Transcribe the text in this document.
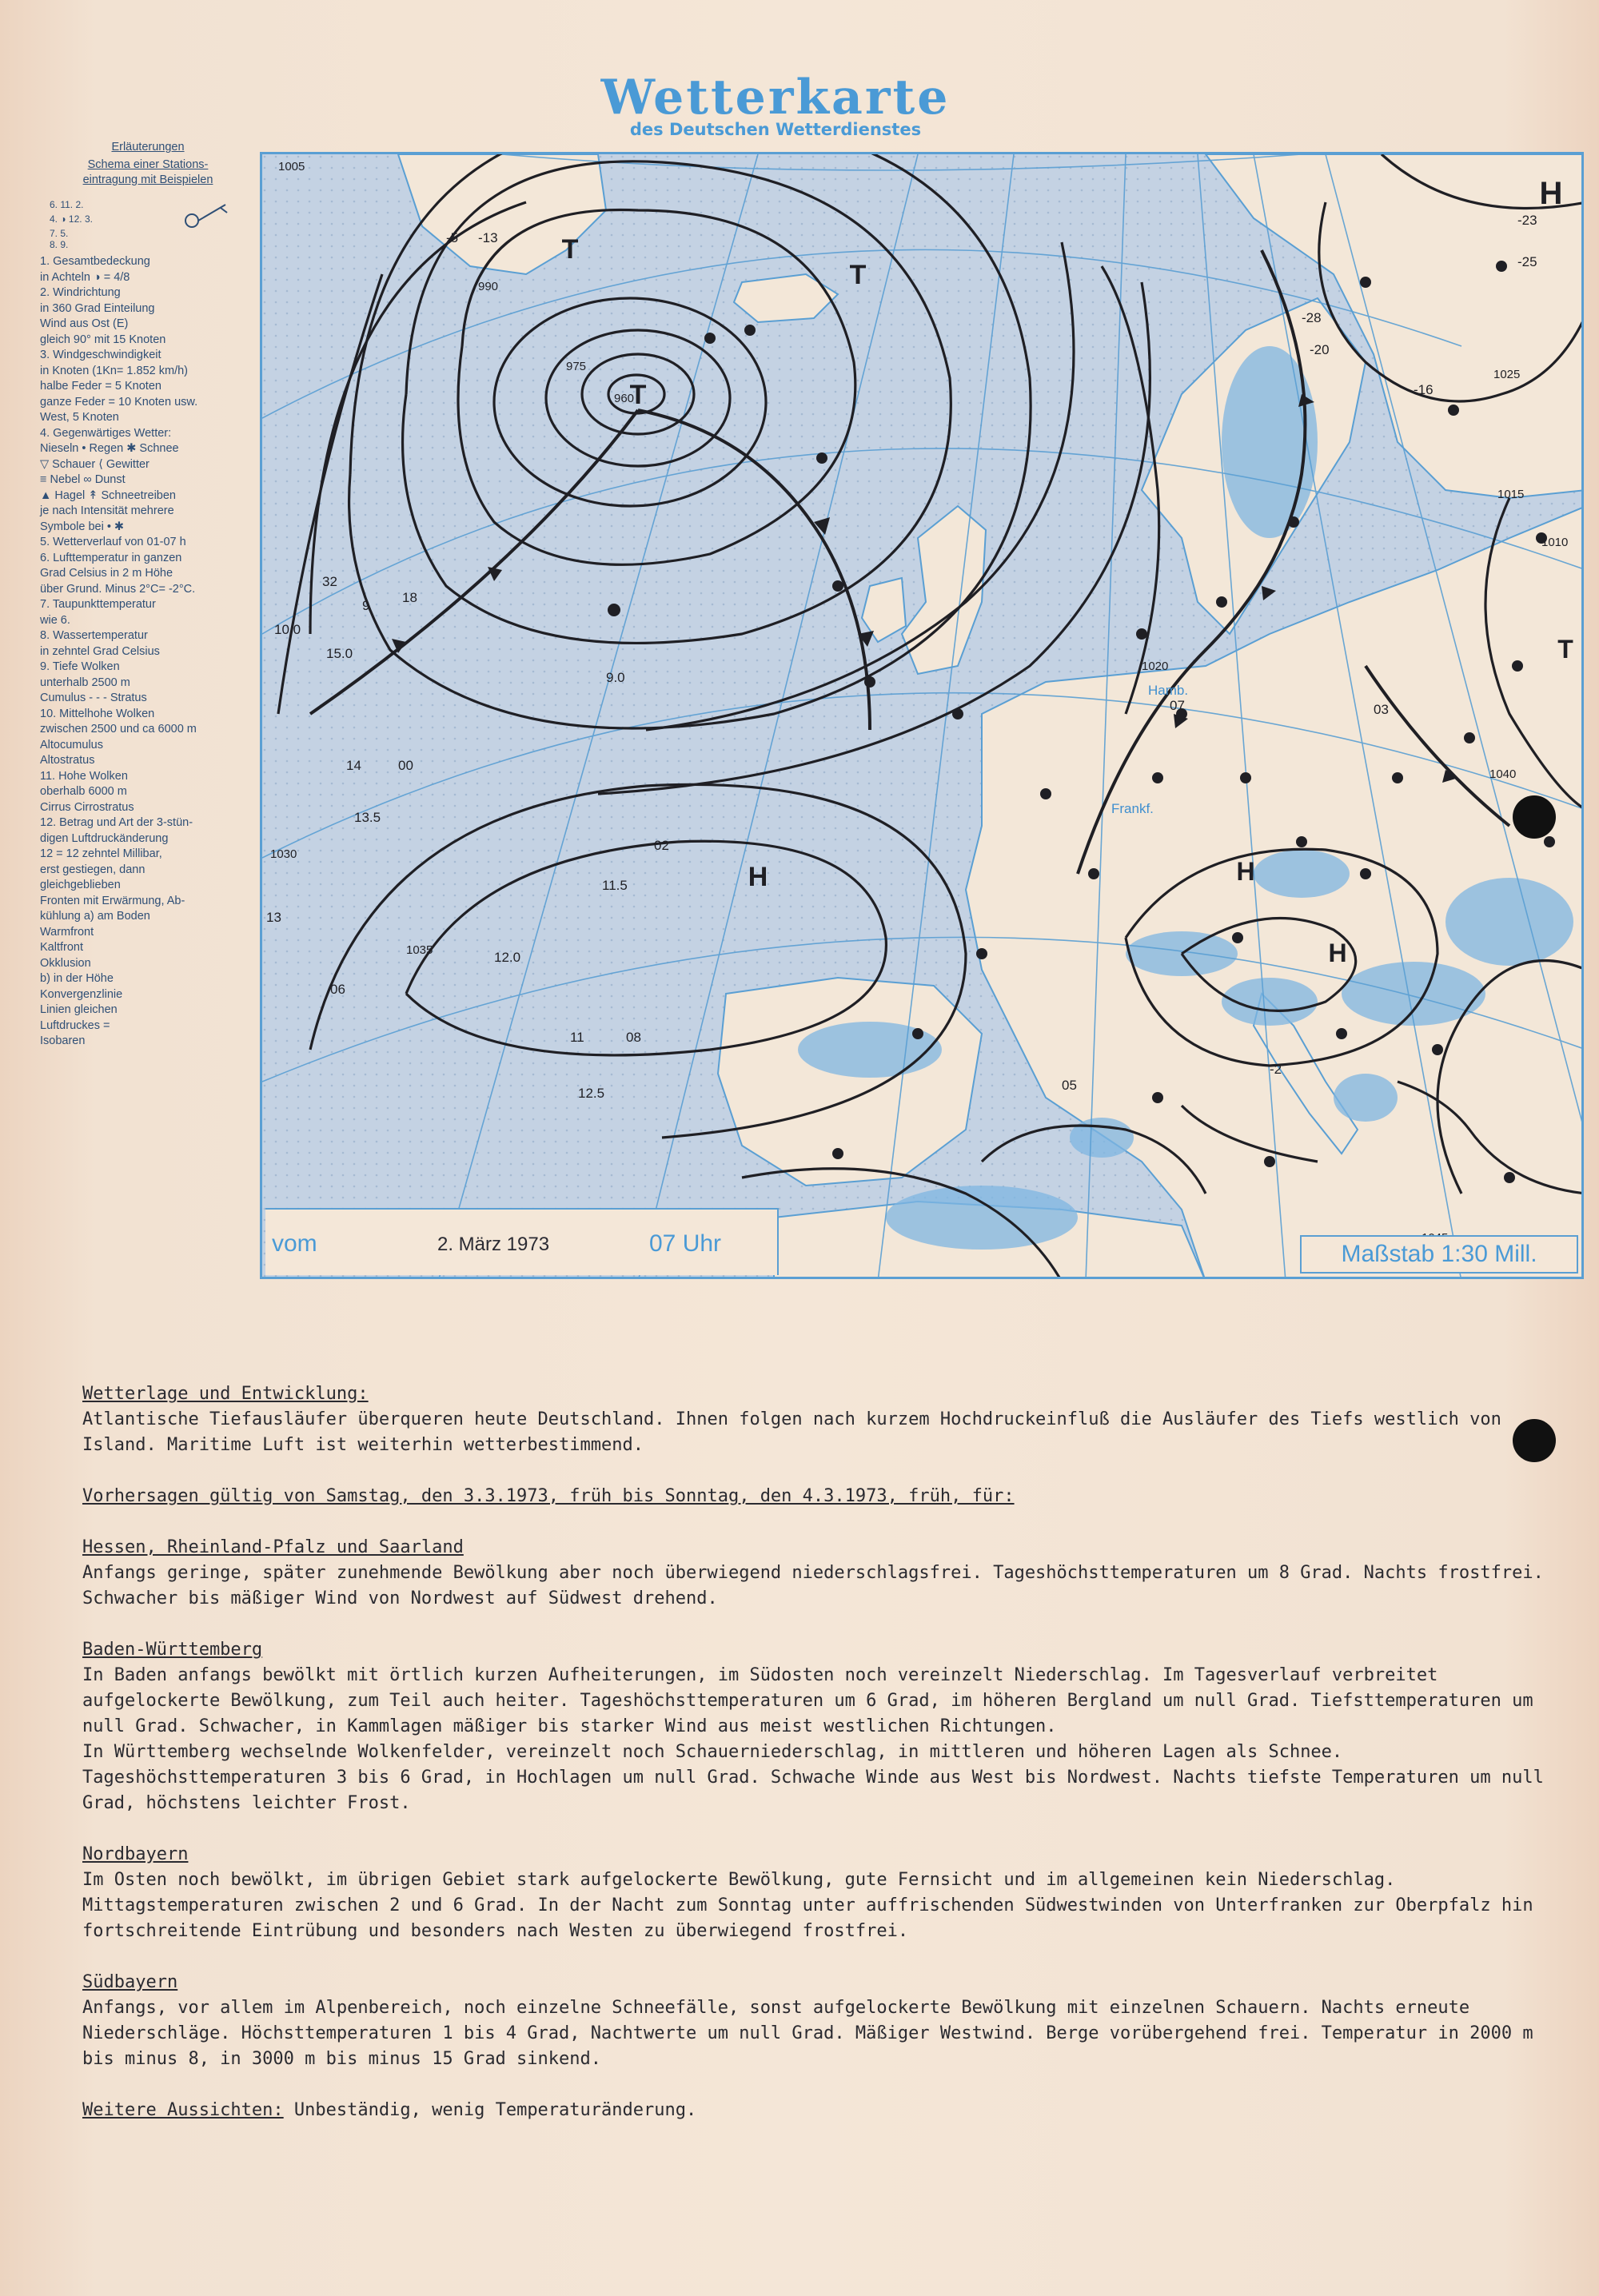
Wetterkarte
des Deutschen Wetterdienstes
Erläuterungen
Schema einer Stations-
eintragung mit Beispielen
6. 11. 2.
4. ◑ 12. 3.
7. 5.
8. 9.
1. Gesamtbedeckung
in Achteln ◑ = 4/8
2. Windrichtung
in 360 Grad Einteilung
Wind aus Ost (E)
gleich 90° mit 15 Knoten
3. Windgeschwindigkeit
in Knoten (1Kn= 1.852 km/h)
halbe Feder = 5 Knoten
ganze Feder = 10 Knoten usw.
West, 5 Knoten
4. Gegenwärtiges Wetter:
Nieseln • Regen ✱ Schnee
▽ Schauer ⟨ Gewitter
≡ Nebel ∞ Dunst
▲ Hagel ↟ Schneetreiben
je nach Intensität mehrere
Symbole bei • ✱
5. Wetterverlauf von 01-07 h
6. Lufttemperatur in ganzen
Grad Celsius in 2 m Höhe
über Grund. Minus 2°C= -2°C.
7. Taupunkttemperatur
wie 6.
8. Wassertemperatur
in zehntel Grad Celsius
9. Tiefe Wolken
unterhalb 2500 m
Cumulus - - - Stratus
10. Mittelhohe Wolken
zwischen 2500 und ca 6000 m
Altocumulus
Altostratus
11. Hohe Wolken
oberhalb 6000 m
Cirrus Cirrostratus
12. Betrag und Art der 3-stün-
digen Luftdruckänderung
12 = 12 zehntel Millibar,
erst gestiegen, dann
gleichgeblieben
Fronten mit Erwärmung, Ab-
kühlung a) am Boden
Warmfront
Kaltfront
Okklusion
b) in der Höhe
Konvergenzlinie
Linien gleichen
Luftdruckes =
Isobaren
T
T
T
T
H
H	H
H
960
975
990
1005
1020
1025
1030
1035
1040
1015
1010
32
18
9
10.0
15.0
9.0
14	00
13.5
13
06
12.5
11	08
07	03
-2
-5 -13
-23
-25
-28
-20
-16
05
11.5
12.0
02
Hamb.
Frankf.
vom	2. März 1973	07 Uhr	Maßstab 1:30 Mill.
Wetterlage und Entwicklung:

Atlantische Tiefausläufer überqueren heute Deutschland. Ihnen folgen nach kurzem Hochdruckeinfluß die Ausläufer des Tiefs westlich von Island. Maritime Luft ist weiterhin wetterbestimmend.

Vorhersagen gültig von Samstag, den 3.3.1973, früh bis Sonntag, den 4.3.1973, früh, für:
Hessen, Rheinland-Pfalz und Saarland

Anfangs geringe, später zunehmende Bewölkung aber noch überwiegend niederschlagsfrei. Tageshöchsttemperaturen um 8 Grad. Nachts frostfrei. Schwacher bis mäßiger Wind von Nordwest auf Südwest drehend.

Baden-Württemberg

In Baden anfangs bewölkt mit örtlich kurzen Aufheiterungen, im Südosten noch vereinzelt Niederschlag. Im Tagesverlauf verbreitet aufgelockerte Bewölkung, zum Teil auch heiter. Tageshöchsttemperaturen um 6 Grad, im höheren Bergland um null Grad. Tiefsttemperaturen um null Grad. Schwacher, in Kammlagen mäßiger bis starker Wind aus meist westlichen Richtungen.

In Württemberg wechselnde Wolkenfelder, vereinzelt noch Schauerniederschlag, in mittleren und höheren Lagen als Schnee. Tageshöchsttemperaturen 3 bis 6 Grad, in Hochlagen um null Grad. Schwache Winde aus West bis Nordwest. Nachts tiefste Temperaturen um null Grad, höchstens leichter Frost.

Nordbayern

Im Osten noch bewölkt, im übrigen Gebiet stark aufgelockerte Bewölkung, gute Fernsicht und im allgemeinen kein Niederschlag. Mittagstemperaturen zwischen 2 und 6 Grad. In der Nacht zum Sonntag unter auffrischenden Südwestwinden von Unterfranken zur Oberpfalz hin fortschreitende Eintrübung und besonders nach Westen zu überwiegend frostfrei.

Südbayern

Anfangs, vor allem im Alpenbereich, noch einzelne Schneefälle, sonst aufgelockerte Bewölkung mit einzelnen Schauern. Nachts erneute Niederschläge. Höchsttemperaturen 1 bis 4 Grad, Nachtwerte um null Grad. Mäßiger Westwind. Berge vorübergehend frei. Temperatur in 2000 m bis minus 8, in 3000 m bis minus 15 Grad sinkend.

Weitere Aussichten: Unbeständig, wenig Temperaturänderung.
